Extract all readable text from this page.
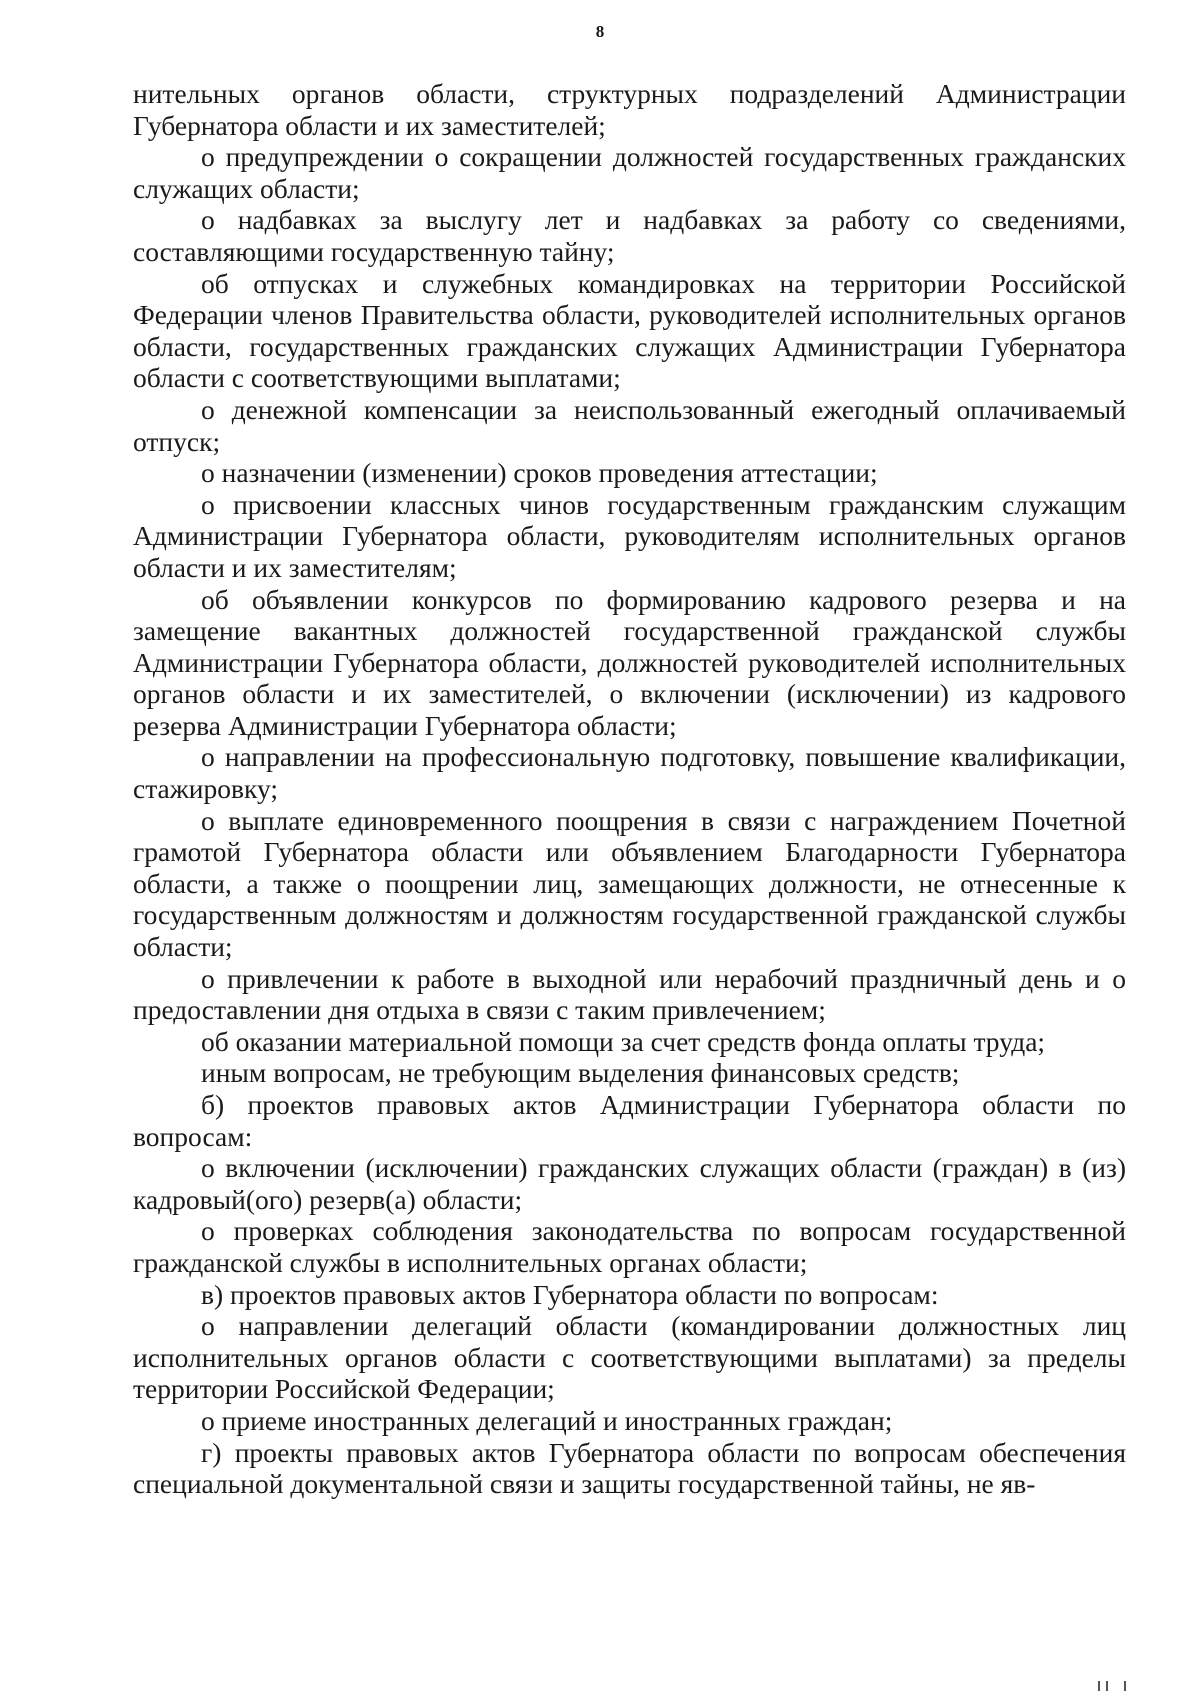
8

нительных органов области, структурных подразделений Администрации Губернатора области и их заместителей;

о предупреждении о сокращении должностей государственных гражданских служащих области;

о надбавках за выслугу лет и надбавках за работу со сведениями, составляющими государственную тайну;

об отпусках и служебных командировках на территории Российской Федерации членов Правительства области, руководителей исполнительных органов области, государственных гражданских служащих Администрации Губернатора области с соответствующими выплатами;

о денежной компенсации за неиспользованный ежегодный оплачиваемый отпуск;

о назначении (изменении) сроков проведения аттестации;

о присвоении классных чинов государственным гражданским служащим Администрации Губернатора области, руководителям исполнительных органов области и их заместителям;

об объявлении конкурсов по формированию кадрового резерва и на замещение вакантных должностей государственной гражданской службы Администрации Губернатора области, должностей руководителей исполнительных органов области и их заместителей, о включении (исключении) из кадрового резерва Администрации Губернатора области;

о направлении на профессиональную подготовку, повышение квалификации, стажировку;

о выплате единовременного поощрения в связи с награждением Почетной грамотой Губернатора области или объявлением Благодарности Губернатора области, а также о поощрении лиц, замещающих должности, не отнесенные к государственным должностям и должностям государственной гражданской службы области;

о привлечении к работе в выходной или нерабочий праздничный день и о предоставлении дня отдыха в связи с таким привлечением;

об оказании материальной помощи за счет средств фонда оплаты труда;

иным вопросам, не требующим выделения финансовых средств;

б) проектов правовых актов Администрации Губернатора области по вопросам:

о включении (исключении) гражданских служащих области (граждан) в (из) кадровый(ого) резерв(а) области;

о проверках соблюдения законодательства по вопросам государственной гражданской службы в исполнительных органах области;

в) проектов правовых актов Губернатора области по вопросам:

о направлении делегаций области (командировании должностных лиц исполнительных органов области с соответствующими выплатами) за пределы территории Российской Федерации;

о приеме иностранных делегаций и иностранных граждан;

г) проекты правовых актов Губернатора области по вопросам обеспечения специальной документальной связи и защиты государственной тайны, не яв-
